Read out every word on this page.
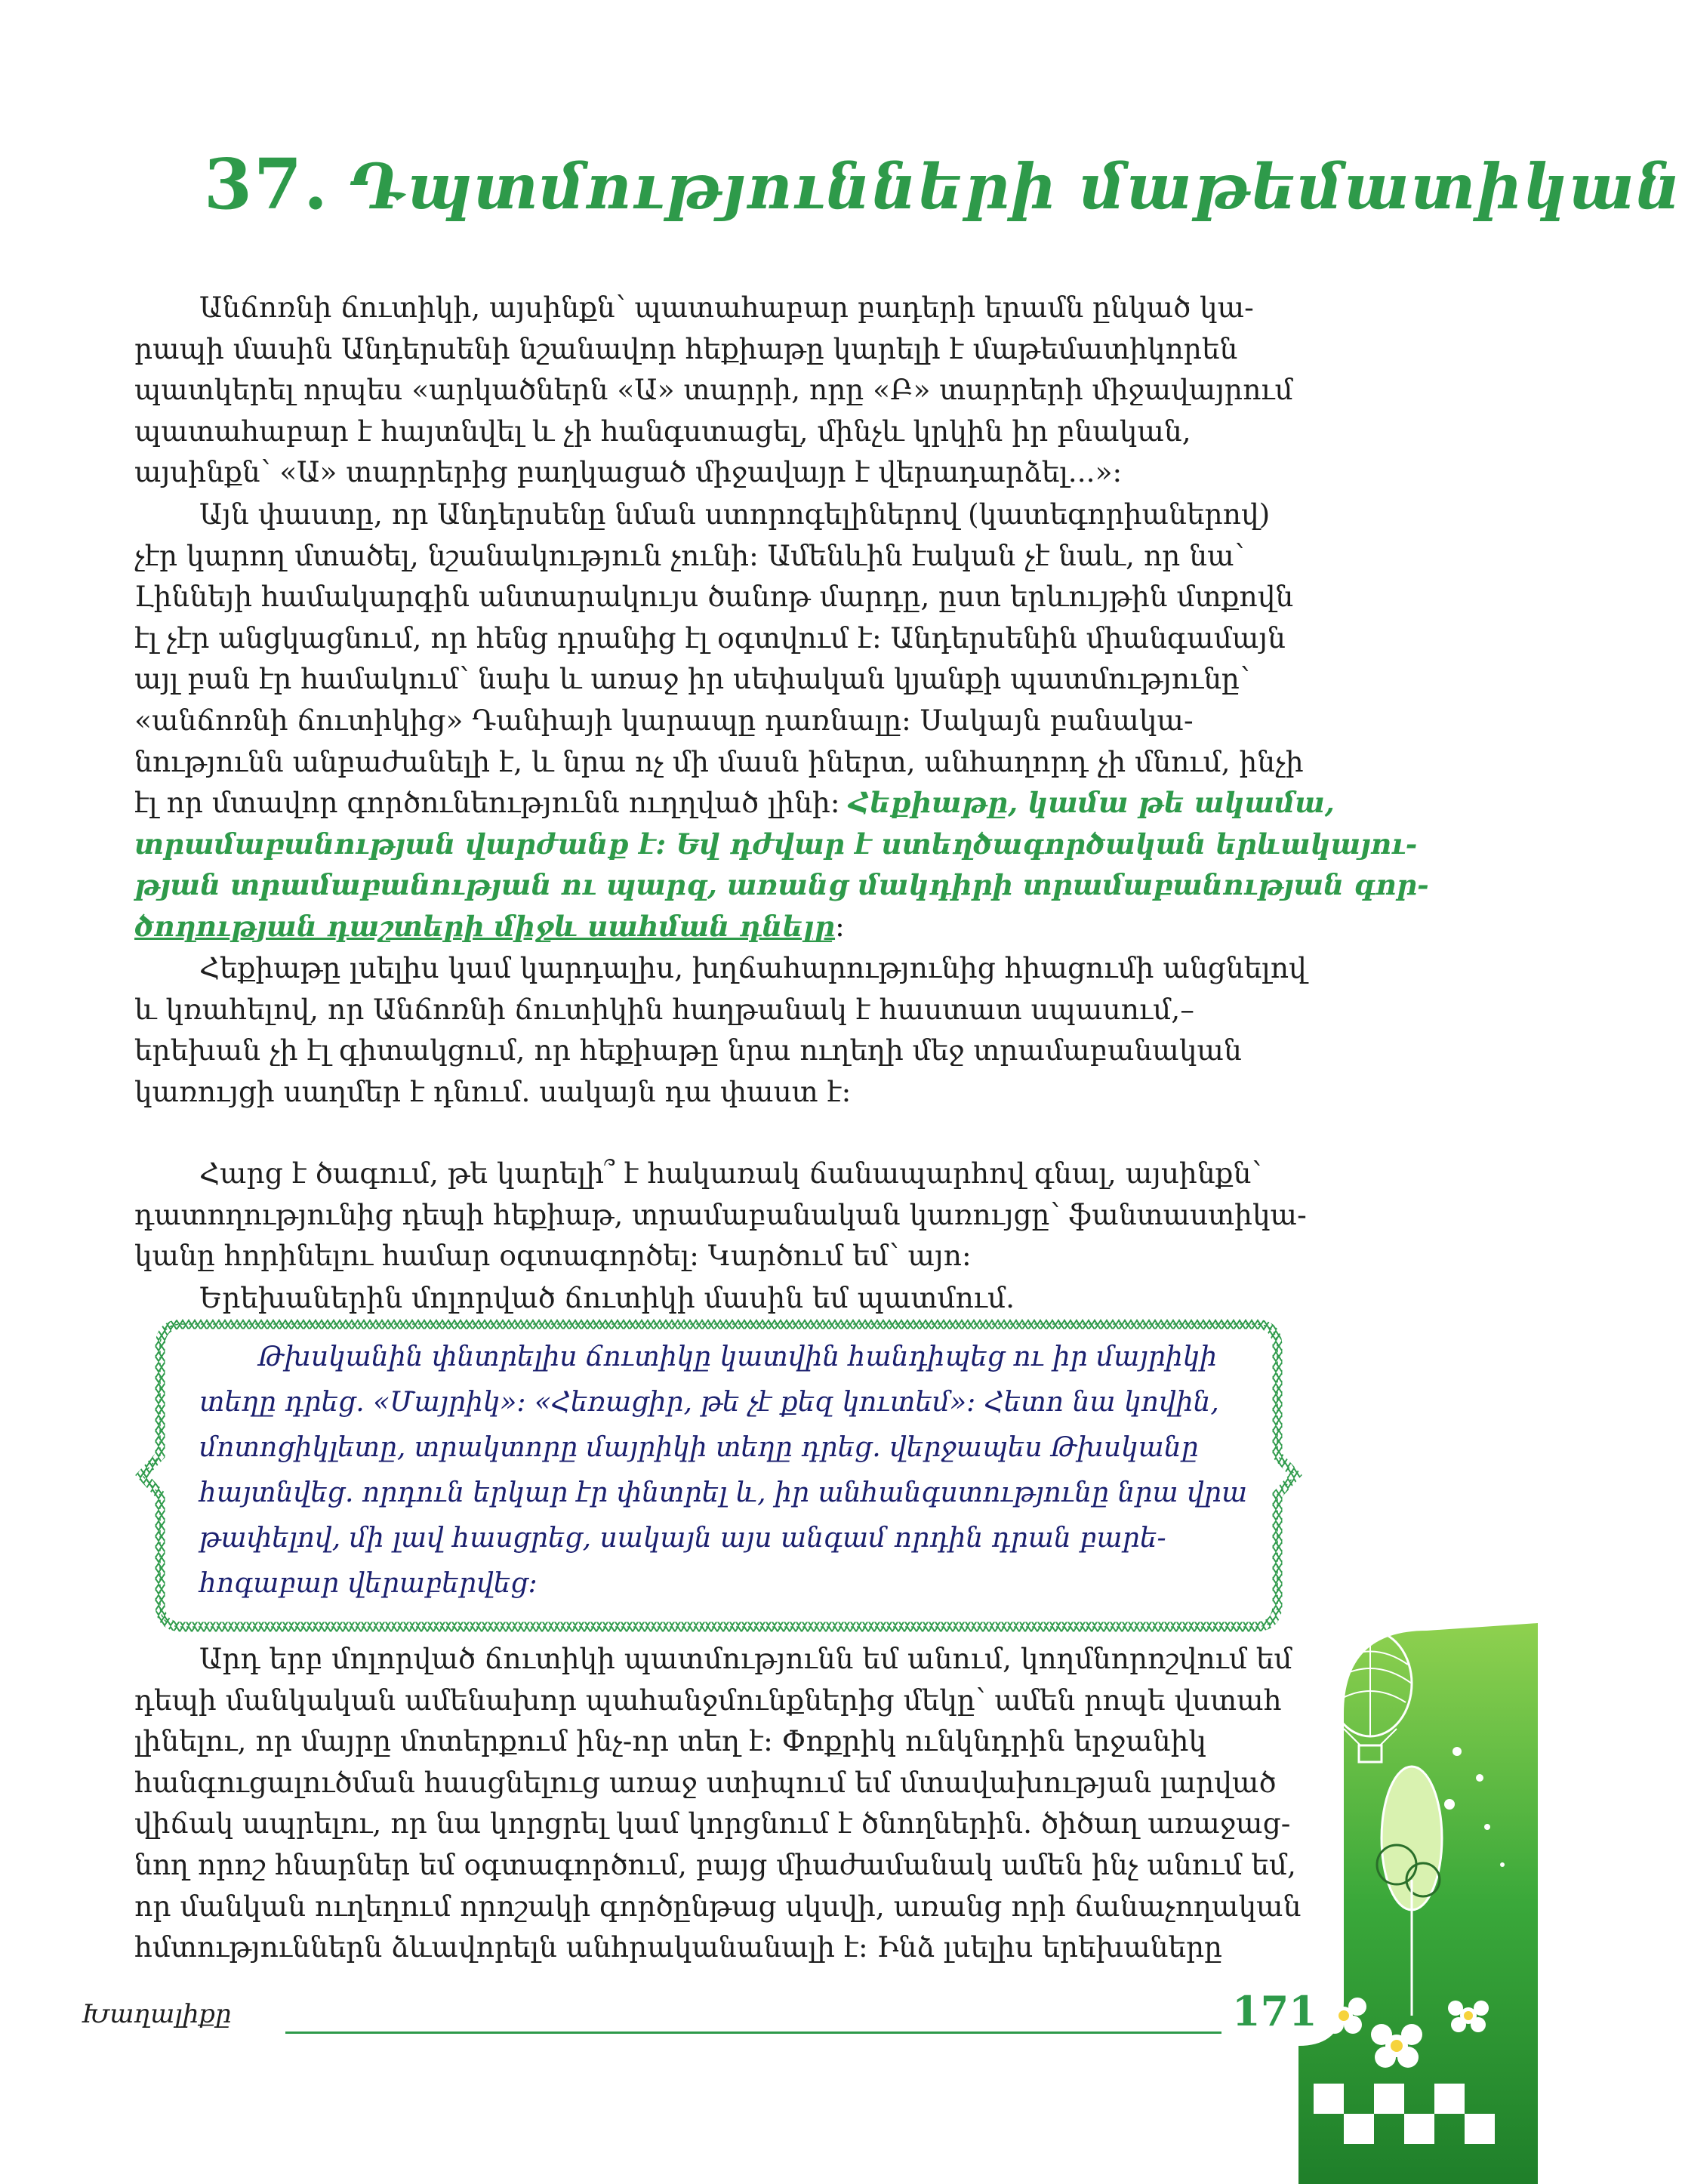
37. Դպտմությունների մաթեմատիկան

Անճոռնի ճուտիկի, այսինքն՝ պատահաբար բադերի երամն ընկած կա-
րապի մասին Անդերսենի նշանավոր հեքիաթը կարելի է մաթեմատիկորեն
պատկերել որպես «արկածներն «Ա» տարրի, որը «Բ» տարրերի միջավայրում
պատահաբար է հայտնվել և չի հանգստացել, մինչև կրկին իր բնական,
այսինքն՝ «Ա» տարրերից բաղկացած միջավայր է վերադարձել...»:

Այն փաստը, որ Անդերսենը նման ստորոգելիներով (կատեգորիաներով)
չէր կարող մտածել, նշանակություն չունի: Ամենևին էական չէ նաև, որ նա՝
Լիննեյի համակարգին անտարակույս ծանոթ մարդը, ըստ երևույթին մտքովն
էլ չէր անցկացնում, որ հենց դրանից էլ օգտվում է: Անդերսենին միանգամայն
այլ բան էր համակում՝ նախ և առաջ իր սեփական կյանքի պատմությունը՝
«անճոռնի ճուտիկից» Դանիայի կարապը դառնալը: Սակայն բանակա-
նությունն անբաժանելի է, և նրա ոչ մի մասն իներտ, անհաղորդ չի մնում, ինչի
էլ որ մտավոր գործունեությունն ուղղված լինի: Հեքիաթը, կամա թե ակամա,
տրամաբանության վարժանք է: Եվ դժվար է ստեղծագործական երևակայու-
թյան տրամաբանության ու պարզ, առանց մակդիրի տրամաբանության գոր-
ծողության դաշտերի միջև սահման դնելը:

Հեքիաթը լսելիս կամ կարդալիս, խղճահարությունից հիացումի անցնելով
և կռահելով, որ Անճոռնի ճուտիկին հաղթանակ է հաստատ սպասում,–
երեխան չի էլ գիտակցում, որ հեքիաթը նրա ուղեղի մեջ տրամաբանական
կառույցի սաղմեր է դնում. սակայն դա փաստ է:

Հարց է ծագում, թե կարելի՞ է հակառակ ճանապարհով գնալ, այսինքն՝
դատողությունից դեպի հեքիաթ, տրամաբանական կառույցը՝ ֆանտաստիկա-
կանը հորինելու համար օգտագործել: Կարծում եմ՝ այո:

Երեխաներին մոլորված ճուտիկի մասին եմ պատմում.

Թխսկանին փնտրելիս ճուտիկը կատվին հանդիպեց ու իր մայրիկի
տեղը դրեց. «Մայրիկ»: «Հեռացիր, թե չէ քեզ կուտեմ»: Հետո նա կովին,
մոտոցիկլետը, տրակտորը մայրիկի տեղը դրեց. վերջապես Թխսկանը
հայտնվեց. որդուն երկար էր փնտրել և, իր անհանգստությունը նրա վրա
թափելով, մի լավ հասցրեց, սակայն այս անգամ որդին դրան բարե-
հոգաբար վերաբերվեց:

Արդ երբ մոլորված ճուտիկի պատմությունն եմ անում, կողմնորոշվում եմ
դեպի մանկական ամենախոր պահանջմունքներից մեկը՝ ամեն րոպե վստահ
լինելու, որ մայրը մոտերքում ինչ-որ տեղ է: Փոքրիկ ունկնդրին երջանիկ
հանգուցալուծման հասցնելուց առաջ ստիպում եմ մտավախության լարված
վիճակ ապրելու, որ նա կորցրել կամ կորցնում է ծնողներին. ծիծաղ առաջաց-
նող որոշ հնարներ եմ օգտագործում, բայց միաժամանակ ամեն ինչ անում եմ,
որ մանկան ուղեղում որոշակի գործընթաց սկսվի, առանց որի ճանաչողական
հմտություններն ձևավորելն անհրականանալի է: Ինձ լսելիս երեխաները

Խաղալիքը	171
